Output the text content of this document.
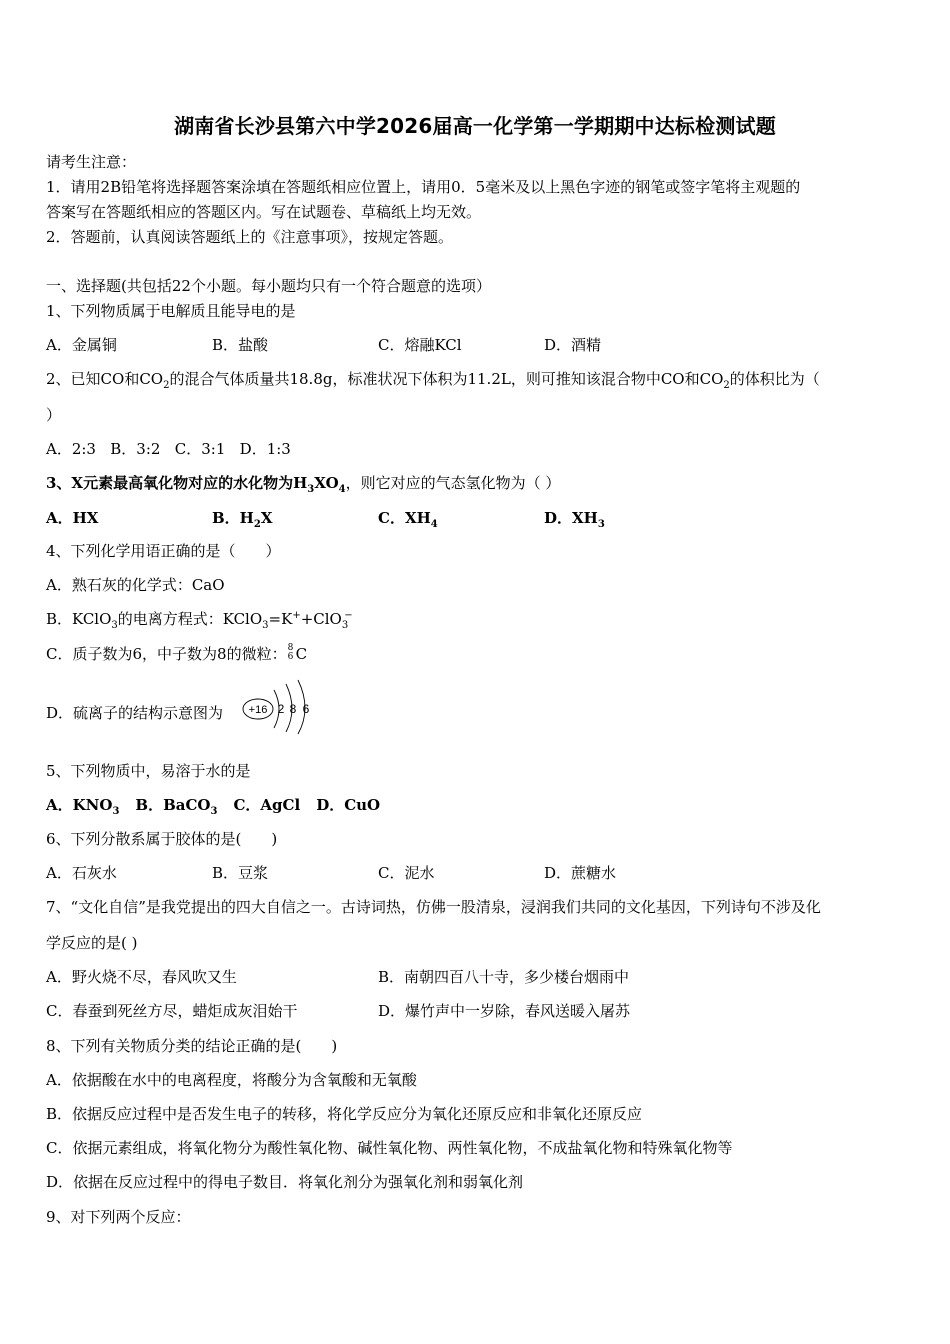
湖南省长沙县第六中学2026届高一化学第一学期期中达标检测试题
请考生注意：
1．请用2B铅笔将选择题答案涂填在答题纸相应位置上，请用0．5毫米及以上黑色字迹的钢笔或签字笔将主观题的
答案写在答题纸相应的答题区内。写在试题卷、草稿纸上均无效。
2．答题前，认真阅读答题纸上的《注意事项》，按规定答题。
一、选择题(共包括22个小题。每小题均只有一个符合题意的选项）
1、下列物质属于电解质且能导电的是
A．金属铜	B．盐酸	C．熔融KCl	D．酒精
2、已知CO和$CO_2$的混合气体质量共18.8g，标准状况下体积为11.2L，则可推知该混合物中CO和$CO_2$的体积比为（
）
A．2:3   B．3:2   C．3:1   D．1:3
3、X元素最高氧化物对应的水化物为$H_3XO_4$，则它对应的气态氢化物为（ ）
A．HX	B．$H_2X$	C．$XH_4$	D．$XH_3$
4、下列化学用语正确的是（　　）
A．熟石灰的化学式：CaO
B．KClO$_3$的电离方程式：KClO$_3$=K++ClO$_3$−
C．质子数为6，中子数为8的微粒： 8
6 C
D．硫离子的结构示意图为 +16 2 8 6
5、下列物质中，易溶于水的是
A．$KNO_3$ B．BaCO$_3$ C．AgCl D．CuO
6、下列分散系属于胶体的是(　　)
A．石灰水	B．豆浆	C．泥水	D．蔗糖水
7、“文化自信”是我党提出的四大自信之一。古诗词热，仿佛一股清泉，浸润我们共同的文化基因，下列诗句不涉及化
学反应的是( )
A．野火烧不尽，春风吹又生	B．南朝四百八十寺，多少楼台烟雨中
C．春蚕到死丝方尽，蜡炬成灰泪始干	D．爆竹声中一岁除，春风送暖入屠苏
8、下列有关物质分类的结论正确的是(　　)
A．依据酸在水中的电离程度，将酸分为含氧酸和无氧酸
B．依据反应过程中是否发生电子的转移，将化学反应分为氧化还原反应和非氧化还原反应
C．依据元素组成，将氧化物分为酸性氧化物、碱性氧化物、两性氧化物，不成盐氧化物和特殊氧化物等
D．依据在反应过程中的得电子数目．将氧化剂分为强氧化剂和弱氧化剂
9、对下列两个反应：
